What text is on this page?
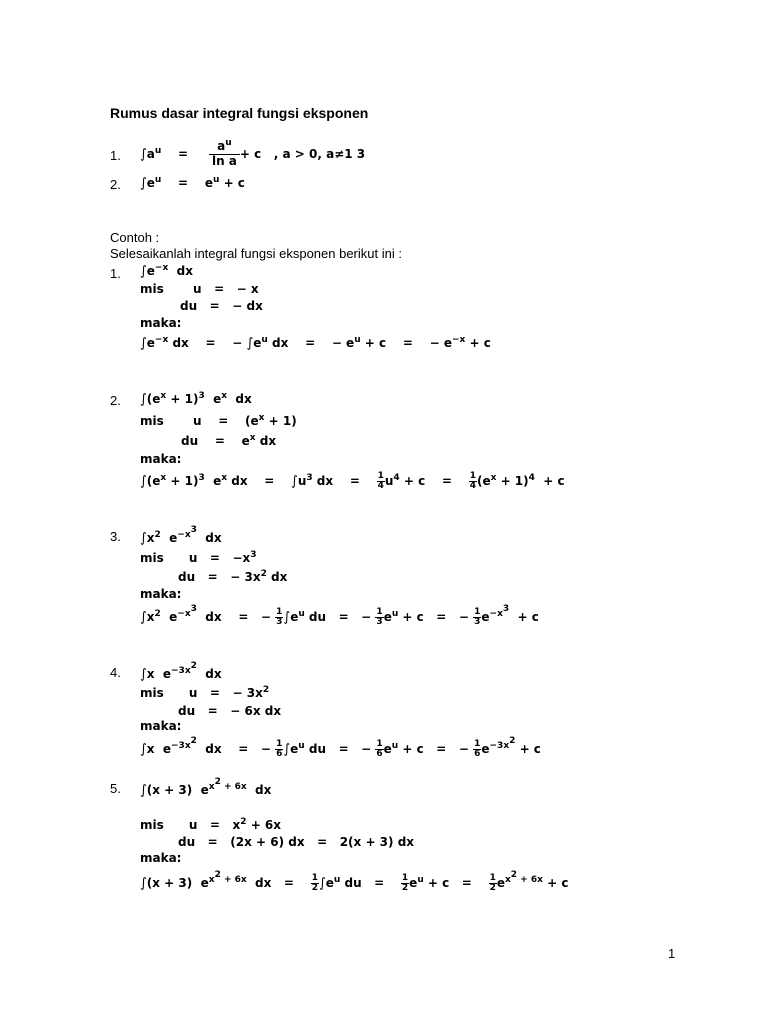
Rumus dasar integral fungsi eksponen
1. $\int a^u$    = $\frac{a^u}{\text{ln a}} + c$   , a > 0, a≠1 3
2. $\int e^u$    =    $e^u + c$
Contoh :
Selesaikanlah integral fungsi eksponen berikut ini :
1. $\int e^{-x}$  dx
mis       u   =   − x
du   =   − dx
maka:
$\int e^{-x}$ dx    =    − $\int e^u$ dx    =    − $e^u + c$    =    − $e^{-x} + c$
2. $\int(e^x + 1)^3$  $e^x$  dx
mis       u    =    $(e^x + 1)$
du    =    $e^x$ dx
maka:
$\int(e^x + 1)^3$  $e^x$ dx    =    $\int u^3$ dx    = $\frac{1}{4} u^4 + c$    = $\frac{1}{4} (e^x + 1)^4 + c$
3. $\int x^2$  $e^{-x^3}$  dx
mis      $u = -x^3$
du   =   − $3x^2$ dx
maka:
$\int x^2$  $e^{-x^3}$  dx    =   − $\frac{1}{3} \int e^u$ du   =   − $\frac{1}{3} e^u + c$   =   − $\frac{1}{3} e^{-x^3} + c$
4. ∫x  $e^{-3x^2}$  dx
mis      u   =   − $3x^2$
du   =   − 6x dx
maka:
∫x  $e^{-3x^2}$  dx    =   − $\frac{1}{6} \int e^u$ du   =   − $\frac{1}{6} e^u + c$   =   − $\frac{1}{6} e^{-3x^2} + c$
5. ∫(x + 3)  $e^{x^2 + 6x}$  dx
mis      $u = x^2 + 6x$
du   =   (2x + 6) dx   =   2(x + 3) dx
maka:
∫(x + 3)  $e^{x^2 + 6x}$  dx   = $\frac{1}{2} \int e^u$ du   = $\frac{1}{2} e^u + c = \frac{1}{2} e^{x^2 + 6x} + c$
1
